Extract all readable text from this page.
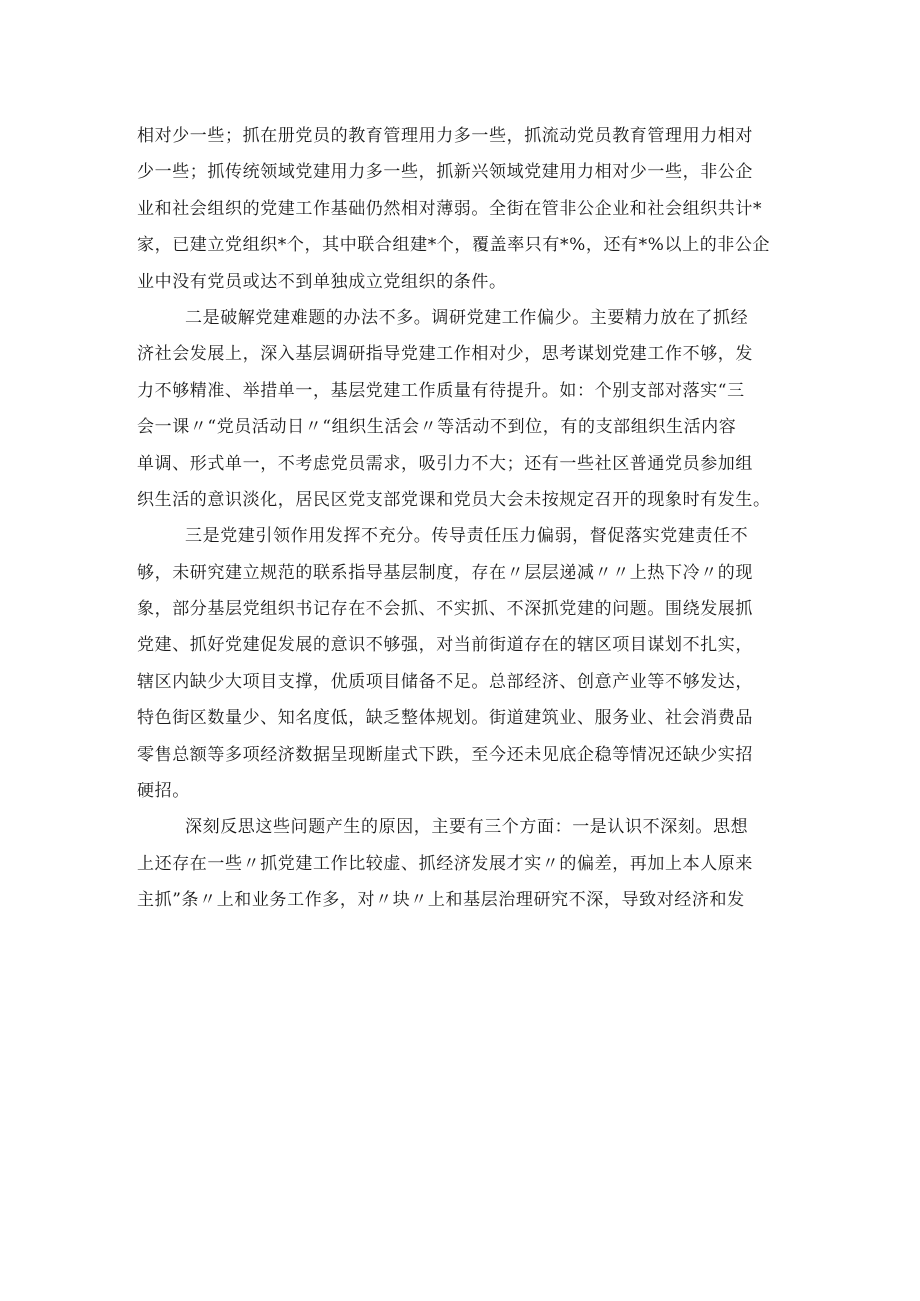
相对少一些；抓在册党员的教育管理用力多一些，抓流动党员教育管理用力相对
少一些；抓传统领域党建用力多一些，抓新兴领域党建用力相对少一些，非公企
业和社会组织的党建工作基础仍然相对薄弱。全街在管非公企业和社会组织共计*
家，已建立党组织*个，其中联合组建*个，覆盖率只有*%，还有*%以上的非公企
业中没有党员或达不到单独成立党组织的条件。
二是破解党建难题的办法不多。调研党建工作偏少。主要精力放在了抓经
济社会发展上，深入基层调研指导党建工作相对少，思考谋划党建工作不够，发
力不够精准、举措单一，基层党建工作质量有待提升。如：个别支部对落实“三
会一课〃“党员活动日〃“组织生活会〃等活动不到位，有的支部组织生活内容
单调、形式单一，不考虑党员需求，吸引力不大；还有一些社区普通党员参加组
织生活的意识淡化，居民区党支部党课和党员大会未按规定召开的现象时有发生。
三是党建引领作用发挥不充分。传导责任压力偏弱，督促落实党建责任不
够，未研究建立规范的联系指导基层制度，存在〃层层递减〃〃上热下冷〃的现
象，部分基层党组织书记存在不会抓、不实抓、不深抓党建的问题。围绕发展抓
党建、抓好党建促发展的意识不够强，对当前街道存在的辖区项目谋划不扎实，
辖区内缺少大项目支撑，优质项目储备不足。总部经济、创意产业等不够发达，
特色街区数量少、知名度低，缺乏整体规划。街道建筑业、服务业、社会消费品
零售总额等多项经济数据呈现断崖式下跌，至今还未见底企稳等情况还缺少实招
硬招。
深刻反思这些问题产生的原因，主要有三个方面：一是认识不深刻。思想
上还存在一些〃抓党建工作比较虚、抓经济发展才实〃的偏差，再加上本人原来
主抓”条〃上和业务工作多，对〃块〃上和基层治理研究不深，导致对经济和发
